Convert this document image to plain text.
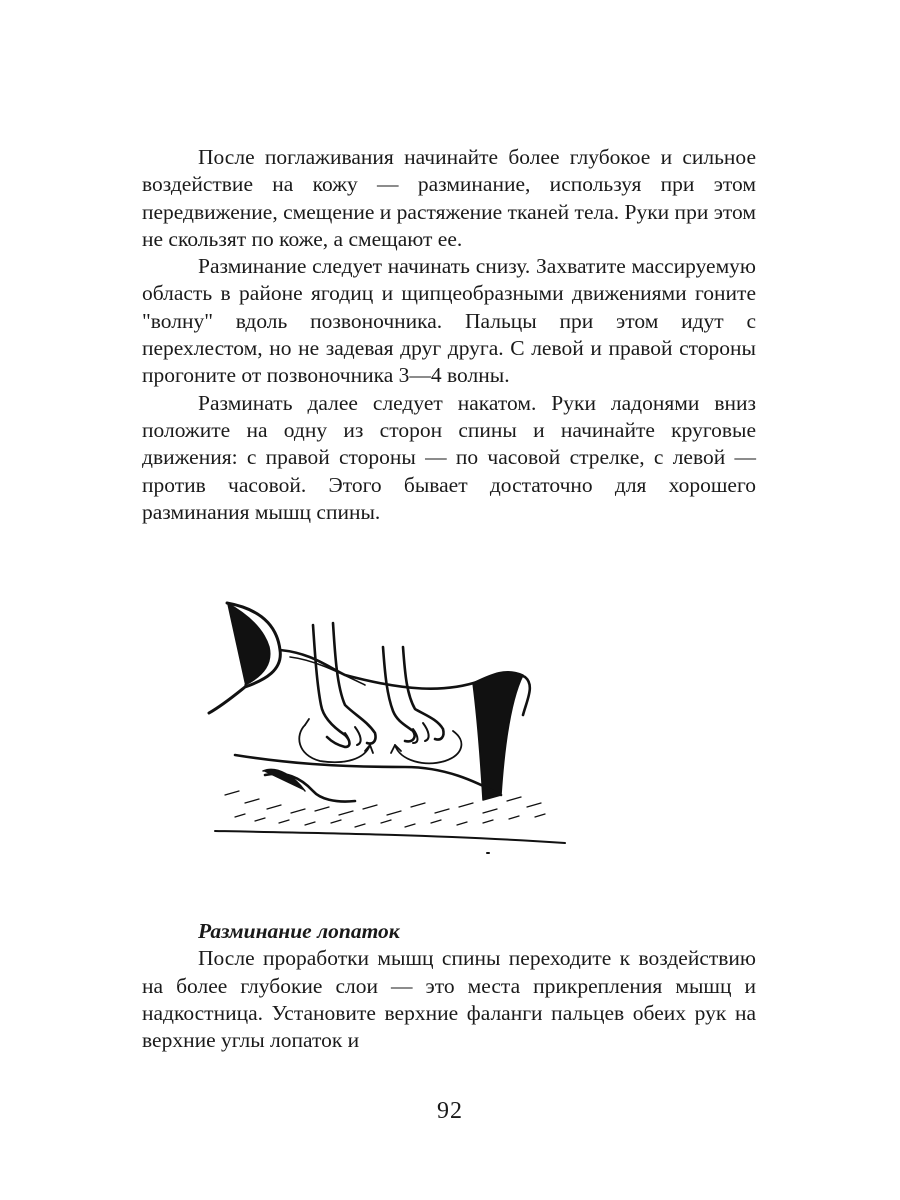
После поглаживания начинайте более глубокое и сильное воздействие на кожу — разминание, используя при этом передвижение, смещение и растяжение тканей тела. Руки при этом не скользят по коже, а смещают ее.

Разминание следует начинать снизу. Захватите массируемую область в районе ягодиц и щипцеобразными движениями гоните "волну" вдоль позвоночника. Пальцы при этом идут с перехлестом, но не задевая друг друга. С левой и правой стороны прогоните от позвоночника 3—4 волны.

Разминать далее следует накатом. Руки ладонями вниз положите на одну из сторон спины и начинайте круговые движения: с правой стороны — по часовой стрелке, с левой — против часовой. Этого бывает достаточно для хорошего разминания мышц спины.

Разминание лопаток

После проработки мышц спины переходите к воздействию на более глубокие слои — это места прикрепления мышц и надкостница. Установите верхние фаланги пальцев обеих рук на верхние углы лопаток и

92
